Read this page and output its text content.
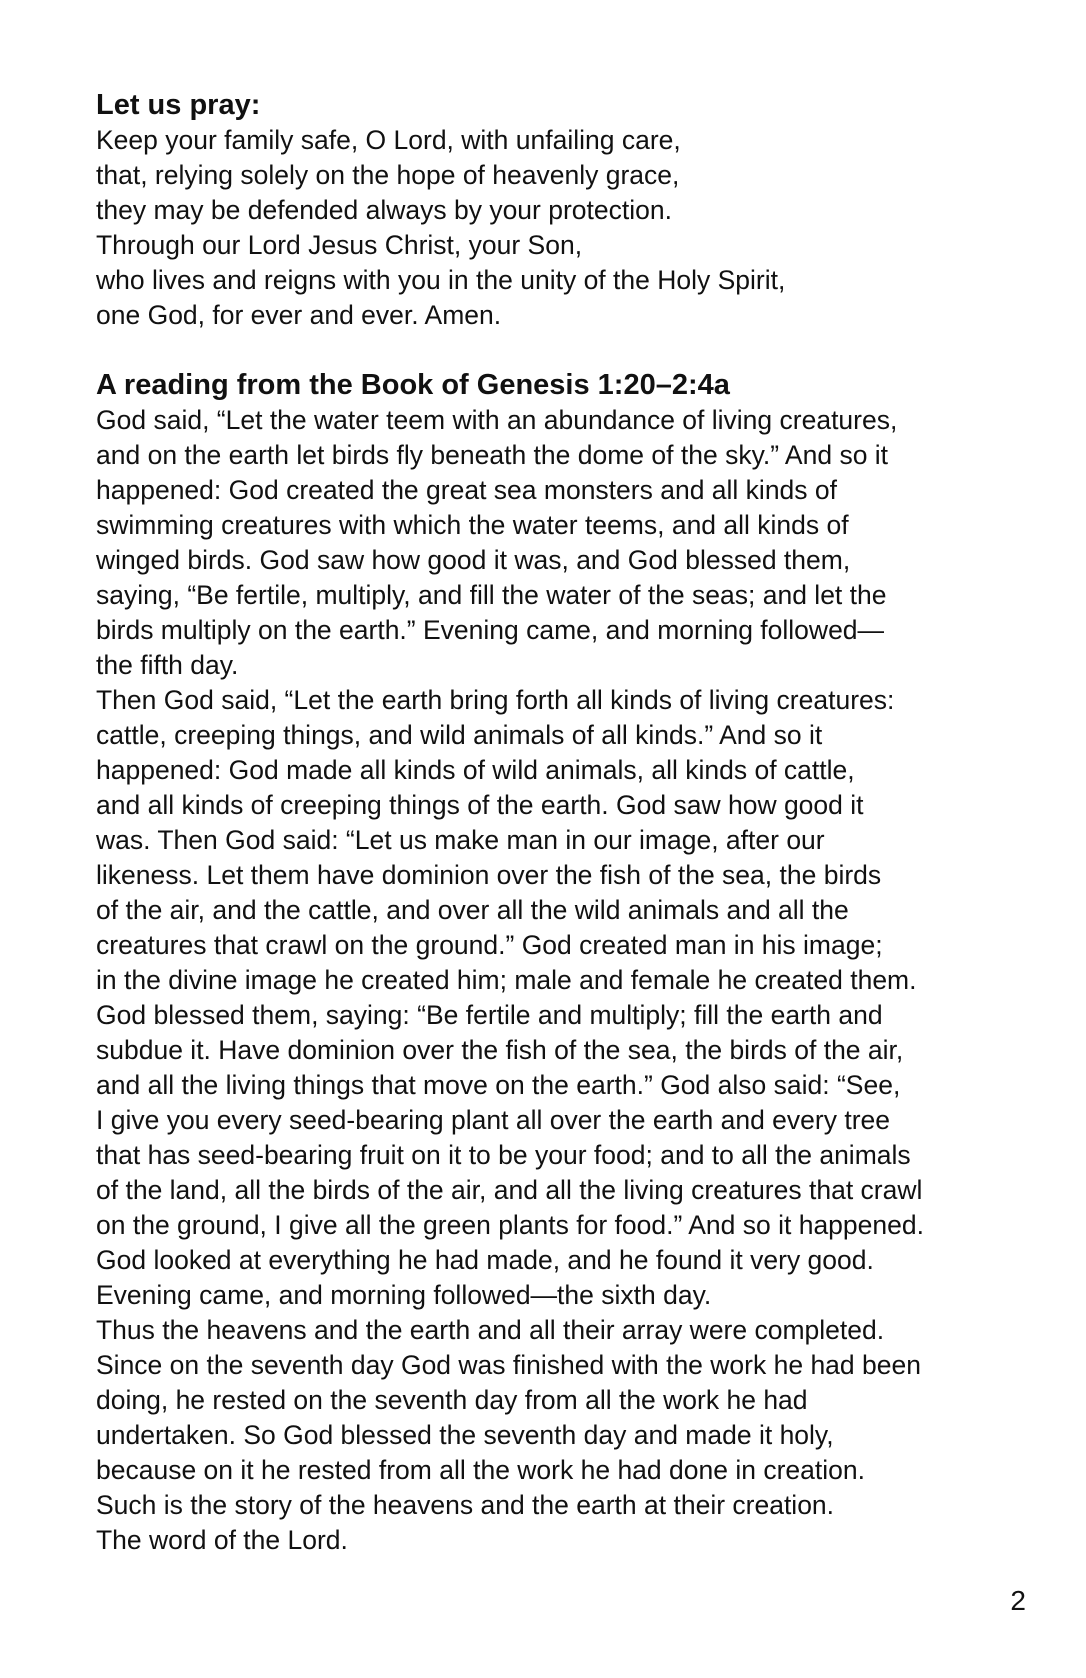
Let us pray:
Keep your family safe, O Lord, with unfailing care,
that, relying solely on the hope of heavenly grace,
they may be defended always by your protection.
Through our Lord Jesus Christ, your Son,
who lives and reigns with you in the unity of the Holy Spirit,
one God, for ever and ever. Amen.
A reading from the Book of Genesis 1:20–2:4a
God said, “Let the water teem with an abundance of living creatures,
and on the earth let birds fly beneath the dome of the sky.” And so it
happened: God created the great sea monsters and all kinds of
swimming creatures with which the water teems, and all kinds of
winged birds. God saw how good it was, and God blessed them,
saying, “Be fertile, multiply, and fill the water of the seas; and let the
birds multiply on the earth.” Evening came, and morning followed—
the fifth day.
Then God said, “Let the earth bring forth all kinds of living creatures:
cattle, creeping things, and wild animals of all kinds.” And so it
happened: God made all kinds of wild animals, all kinds of cattle,
and all kinds of creeping things of the earth. God saw how good it
was. Then God said: “Let us make man in our image, after our
likeness. Let them have dominion over the fish of the sea, the birds
of the air, and the cattle, and over all the wild animals and all the
creatures that crawl on the ground.” God created man in his image;
in the divine image he created him; male and female he created them.
God blessed them, saying: “Be fertile and multiply; fill the earth and
subdue it. Have dominion over the fish of the sea, the birds of the air,
and all the living things that move on the earth.” God also said: “See,
I give you every seed-bearing plant all over the earth and every tree
that has seed-bearing fruit on it to be your food; and to all the animals
of the land, all the birds of the air, and all the living creatures that crawl
on the ground, I give all the green plants for food.” And so it happened.
God looked at everything he had made, and he found it very good.
Evening came, and morning followed—the sixth day.
Thus the heavens and the earth and all their array were completed.
Since on the seventh day God was finished with the work he had been
doing, he rested on the seventh day from all the work he had
undertaken. So God blessed the seventh day and made it holy,
because on it he rested from all the work he had done in creation.
Such is the story of the heavens and the earth at their creation.
The word of the Lord.
2
